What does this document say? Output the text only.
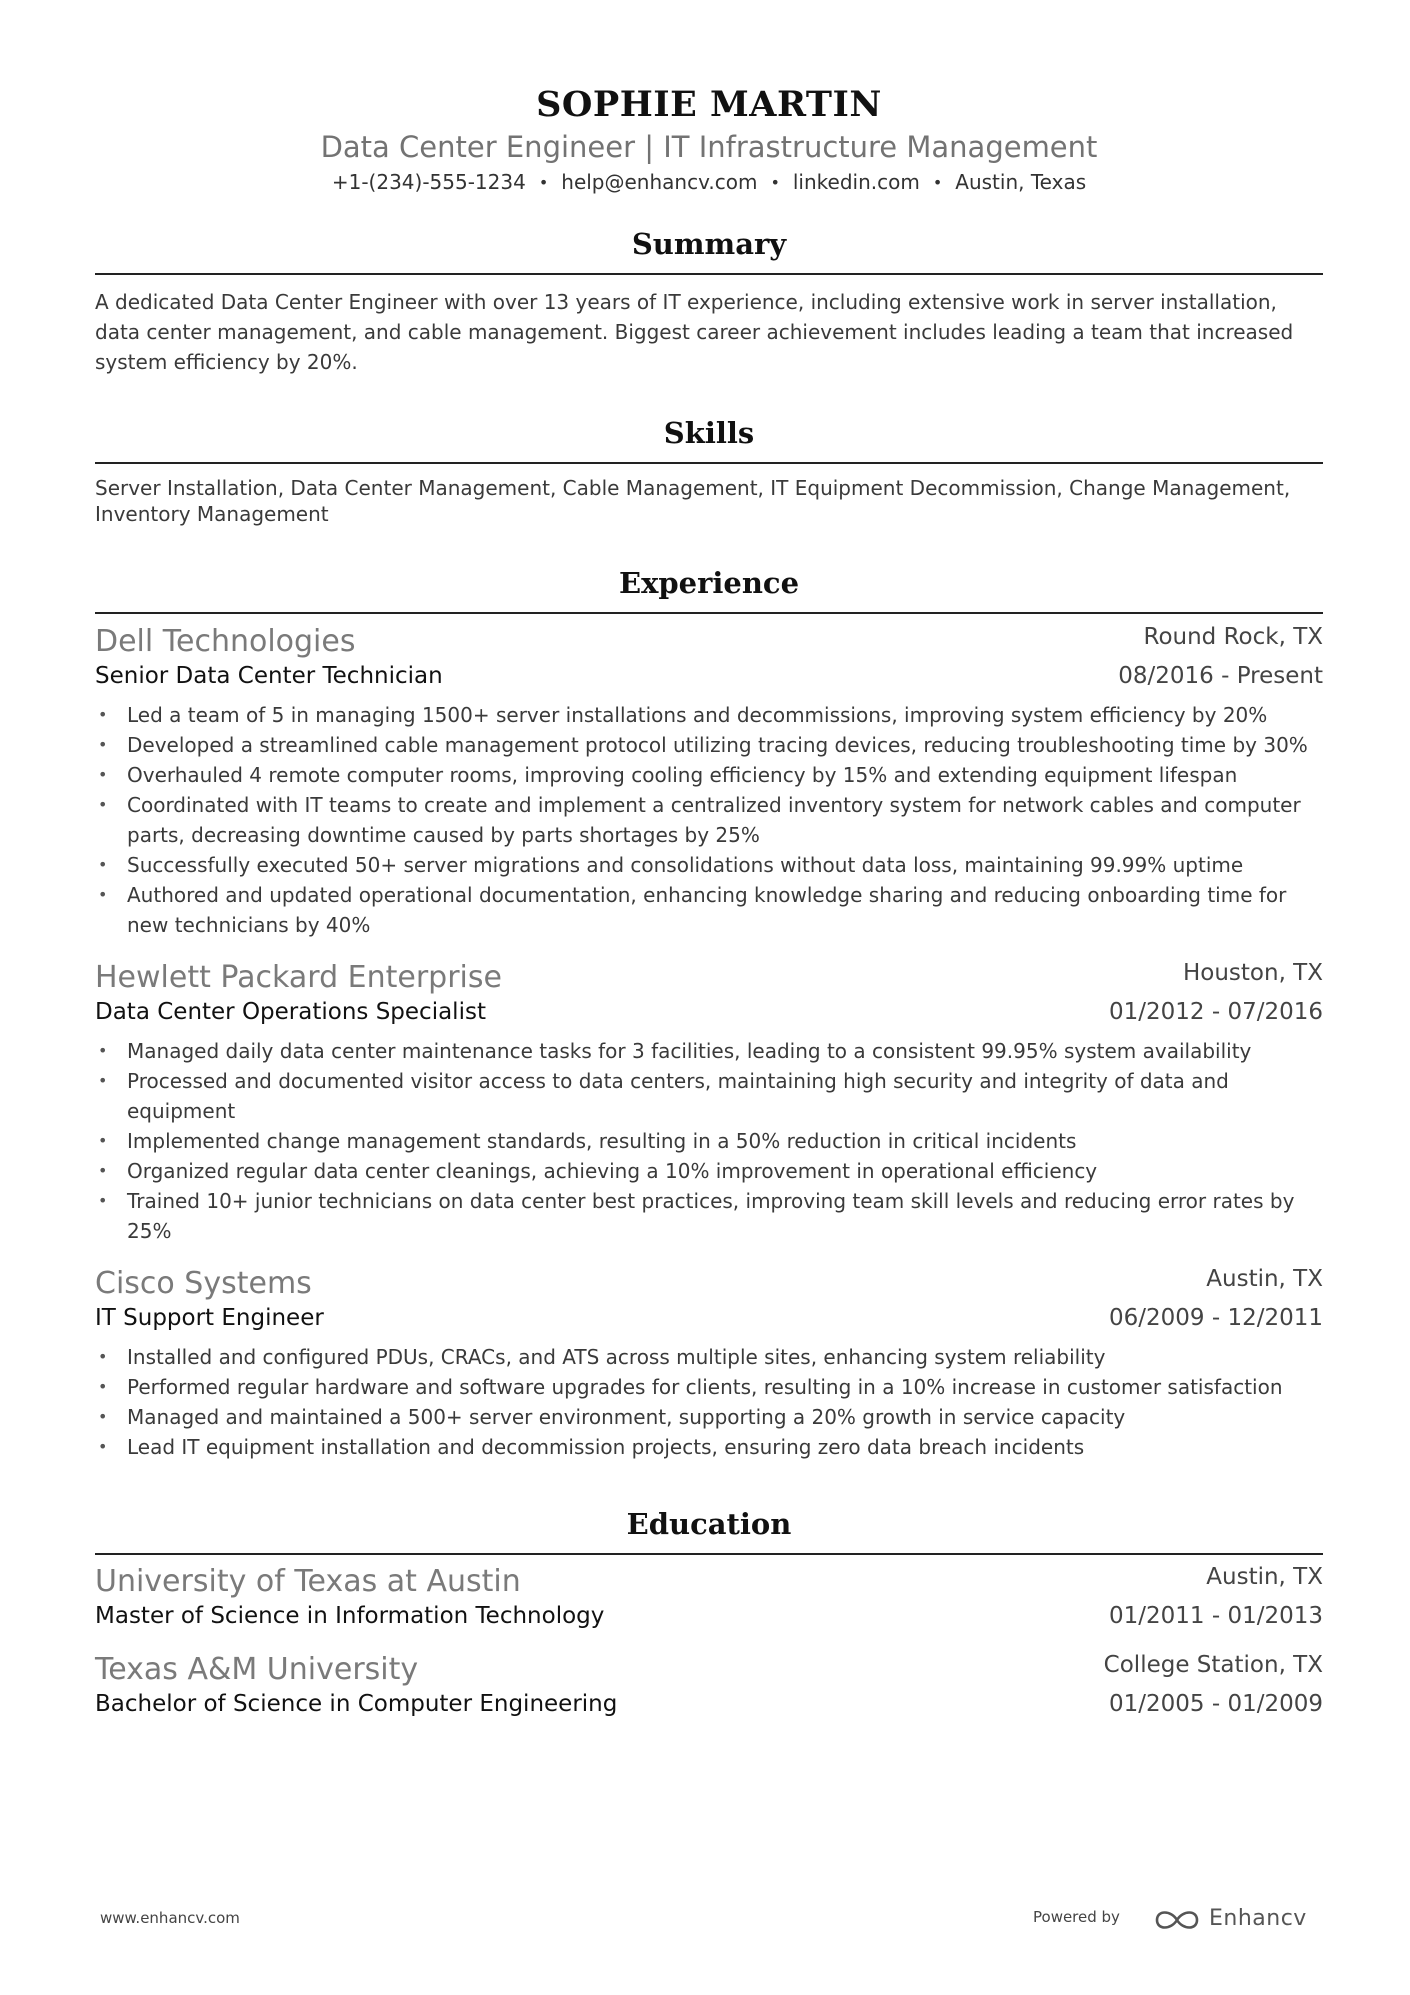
SOPHIE MARTIN
Data Center Engineer | IT Infrastructure Management
+1-(234)-555-1234 • help@enhancv.com • linkedin.com • Austin, Texas
Summary
A dedicated Data Center Engineer with over 13 years of IT experience, including extensive work in server installation, data center management, and cable management. Biggest career achievement includes leading a team that increased system efficiency by 20%.
Skills
Server Installation, Data Center Management, Cable Management, IT Equipment Decommission, Change Management, Inventory Management
Experience
Dell Technologies	Round Rock, TX
Senior Data Center Technician	08/2016 - Present
• Led a team of 5 in managing 1500+ server installations and decommissions, improving system efficiency by 20%
• Developed a streamlined cable management protocol utilizing tracing devices, reducing troubleshooting time by 30%
• Overhauled 4 remote computer rooms, improving cooling efficiency by 15% and extending equipment lifespan
• Coordinated with IT teams to create and implement a centralized inventory system for network cables and computer parts, decreasing downtime caused by parts shortages by 25%
• Successfully executed 50+ server migrations and consolidations without data loss, maintaining 99.99% uptime
• Authored and updated operational documentation, enhancing knowledge sharing and reducing onboarding time for new technicians by 40%
Hewlett Packard Enterprise	Houston, TX
Data Center Operations Specialist	01/2012 - 07/2016
• Managed daily data center maintenance tasks for 3 facilities, leading to a consistent 99.95% system availability
• Processed and documented visitor access to data centers, maintaining high security and integrity of data and equipment
• Implemented change management standards, resulting in a 50% reduction in critical incidents
• Organized regular data center cleanings, achieving a 10% improvement in operational efficiency
• Trained 10+ junior technicians on data center best practices, improving team skill levels and reducing error rates by 25%
Cisco Systems	Austin, TX
IT Support Engineer	06/2009 - 12/2011
• Installed and configured PDUs, CRACs, and ATS across multiple sites, enhancing system reliability
• Performed regular hardware and software upgrades for clients, resulting in a 10% increase in customer satisfaction
• Managed and maintained a 500+ server environment, supporting a 20% growth in service capacity
• Lead IT equipment installation and decommission projects, ensuring zero data breach incidents
Education
University of Texas at Austin	Austin, TX
Master of Science in Information Technology	01/2011 - 01/2013
Texas A&M University	College Station, TX
Bachelor of Science in Computer Engineering	01/2005 - 01/2009
www.enhancv.com	Powered by	Enhancv
